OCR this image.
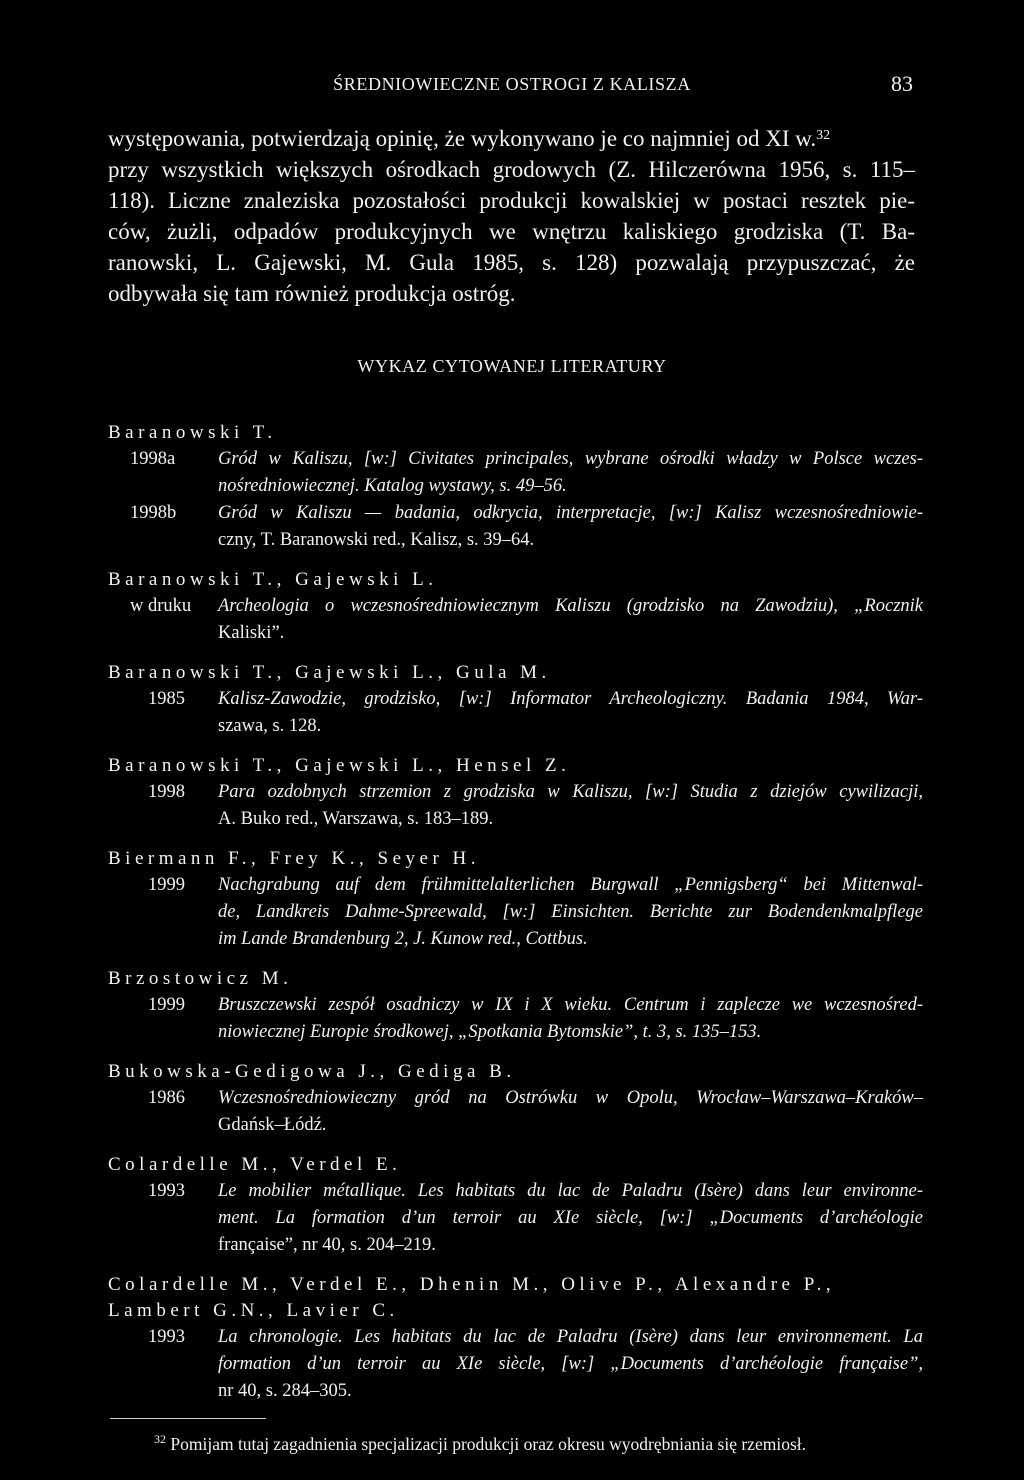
ŚREDNIOWIECZNE OSTROGI Z KALISZA	83

występowania, potwierdzają opinię, że wykonywano je co najmniej od XI w.$^{32}$
przy wszystkich większych ośrodkach grodowych (Z. Hilczerówna 1956, s. 115–
118). Liczne znaleziska pozostałości produkcji kowalskiej w postaci resztek pie-
ców, żużli, odpadów produkcyjnych we wnętrzu kaliskiego grodziska (T. Ba-
ranowski, L. Gajewski, M. Gula 1985, s. 128) pozwalają przypuszczać, że
odbywała się tam również produkcja ostróg.

WYKAZ CYTOWANEJ LITERATURY
Baranowski T.
1998a Gród w Kaliszu, [w:] Civitates principales, wybrane ośrodki władzy w Polsce wczes-
nośredniowiecznej. Katalog wystawy, s. 49–56.
1998b Gród w Kaliszu — badania, odkrycia, interpretacje, [w:] Kalisz wczesnośredniowie-
czny, T. Baranowski red., Kalisz, s. 39–64.
Baranowski T., Gajewski L.
w druku Archeologia o wczesnośredniowiecznym Kaliszu (grodzisko na Zawodziu), „Rocznik
Kaliski”.
Baranowski T., Gajewski L., Gula M.
1985 Kalisz-Zawodzie, grodzisko, [w:] Informator Archeologiczny. Badania 1984, War-
szawa, s. 128.
Baranowski T., Gajewski L., Hensel Z.
1998 Para ozdobnych strzemion z grodziska w Kaliszu, [w:] Studia z dziejów cywilizacji,
A. Buko red., Warszawa, s. 183–189.
Biermann F., Frey K., Seyer H.
1999 Nachgrabung auf dem frühmittelalterlichen Burgwall „Pennigsberg“ bei Mittenwal-
de, Landkreis Dahme-Spreewald, [w:] Einsichten. Berichte zur Bodendenkmalpflege
im Lande Brandenburg 2, J. Kunow red., Cottbus.
Brzostowicz M.
1999 Bruszczewski zespół osadniczy w IX i X wieku. Centrum i zaplecze we wczesnośred-
niowiecznej Europie środkowej, „Spotkania Bytomskie”, t. 3, s. 135–153.
Bukowska-Gedigowa J., Gediga B.
1986 Wczesnośredniowieczny gród na Ostrówku w Opolu, Wrocław–Warszawa–Kraków–
Gdańsk–Łódź.
Colardelle M., Verdel E.
1993 Le mobilier métallique. Les habitats du lac de Paladru (Isère) dans leur environne-
ment. La formation d’un terroir au XIe siècle, [w:] „Documents d’archéologie
française”, nr 40, s. 204–219.
Colardelle M., Verdel E., Dhenin M., Olive P., Alexandre P.,
Lambert G.N., Lavier C.
1993 La chronologie. Les habitats du lac de Paladru (Isère) dans leur environnement. La
formation d’un terroir au XIe siècle, [w:] „Documents d’archéologie française”,
nr 40, s. 284–305.
$^{32}$ Pomijam tutaj zagadnienia specjalizacji produkcji oraz okresu wyodrębniania się rzemiosł.
